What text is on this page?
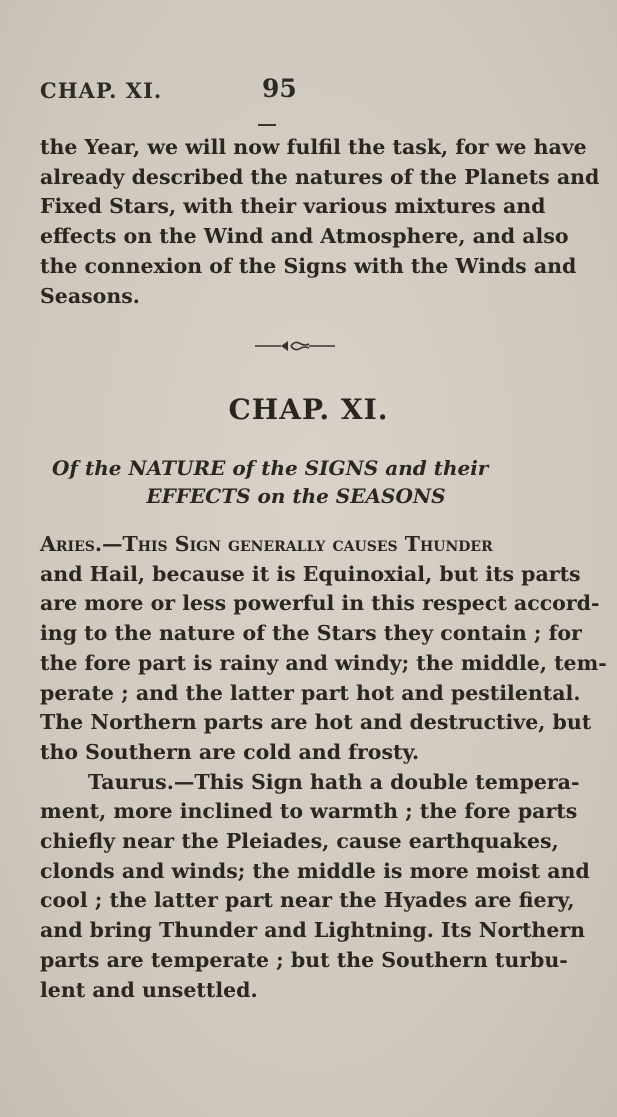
CHAP. XI.	95
the Year, we will now fulfil the task, for we have
already described the natures of the Planets and
Fixed Stars, with their various mixtures and
effects on the Wind and Atmosphere, and also
the connexion of the Signs with the Winds and
Seasons.
CHAP. XI.
Of the NATURE of the SIGNS and their
EFFECTS on the SEASONS
Aries.—This Sign generally causes Thunder
and Hail, because it is Equinoxial, but its parts
are more or less powerful in this respect accord-
ing to the nature of the Stars they contain ; for
the fore part is rainy and windy; the middle, tem-
perate ; and the latter part hot and pestilental.
The Northern parts are hot and destructive, but
tho Southern are cold and frosty.
Taurus.—This Sign hath a double tempera-
ment, more inclined to warmth ; the fore parts
chiefly near the Pleiades, cause earthquakes,
clonds and winds; the middle is more moist and
cool ; the latter part near the Hyades are fiery,
and bring Thunder and Lightning. Its Northern
parts are temperate ; but the Southern turbu-
lent and unsettled.
